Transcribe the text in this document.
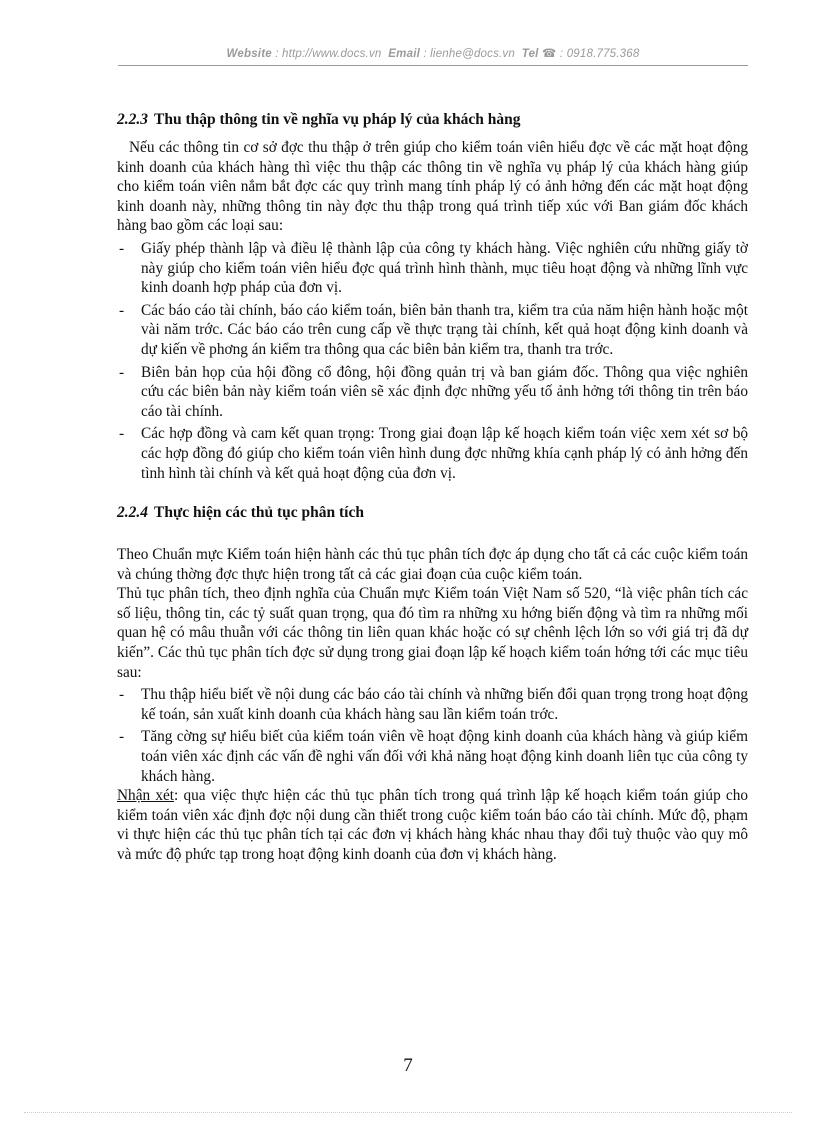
Website : http://www.docs.vn Email : lienhe@docs.vn Tel ☎ : 0918.775.368
2.2.3 Thu thập thông tin về nghĩa vụ pháp lý của khách hàng

Nếu các thông tin cơ sở đợc thu thập ở trên giúp cho kiểm toán viên hiểu đợc về các mặt hoạt động kinh doanh của khách hàng thì việc thu thập các thông tin về nghĩa vụ pháp lý của khách hàng giúp cho kiểm toán viên nắm bắt đợc các quy trình mang tính pháp lý có ảnh hởng đến các mặt hoạt động kinh doanh này, những thông tin này đợc thu thập trong quá trình tiếp xúc với Ban giám đốc khách hàng bao gồm các loại sau:

- Giấy phép thành lập và điều lệ thành lập của công ty khách hàng. Việc nghiên cứu những giấy tờ này giúp cho kiểm toán viên hiểu đợc quá trình hình thành, mục tiêu hoạt động và những lĩnh vực kinh doanh hợp pháp của đơn vị.
- Các báo cáo tài chính, báo cáo kiểm toán, biên bản thanh tra, kiểm tra của năm hiện hành hoặc một vài năm trớc. Các báo cáo trên cung cấp về thực trạng tài chính, kết quả hoạt động kinh doanh và dự kiến về phơng án kiểm tra thông qua các biên bản kiểm tra, thanh tra trớc.
- Biên bản họp của hội đồng cổ đông, hội đồng quản trị và ban giám đốc. Thông qua việc nghiên cứu các biên bản này kiểm toán viên sẽ xác định đợc những yếu tố ảnh hởng tới thông tin trên báo cáo tài chính.
- Các hợp đồng và cam kết quan trọng: Trong giai đoạn lập kế hoạch kiểm toán việc xem xét sơ bộ các hợp đồng đó giúp cho kiểm toán viên hình dung đợc những khía cạnh pháp lý có ảnh hởng đến tình hình tài chính và kết quả hoạt động của đơn vị.
2.2.4 Thực hiện các thủ tục phân tích

Theo Chuẩn mực Kiểm toán hiện hành các thủ tục phân tích đợc áp dụng cho tất cả các cuộc kiểm toán và chúng thờng đợc thực hiện trong tất cả các giai đoạn của cuộc kiểm toán.

Thủ tục phân tích, theo định nghĩa của Chuẩn mực Kiểm toán Việt Nam số 520, “là việc phân tích các số liệu, thông tin, các tỷ suất quan trọng, qua đó tìm ra những xu hớng biến động và tìm ra những mối quan hệ có mâu thuẫn với các thông tin liên quan khác hoặc có sự chênh lệch lớn so với giá trị đã dự kiến”. Các thủ tục phân tích đợc sử dụng trong giai đoạn lập kế hoạch kiểm toán hớng tới các mục tiêu sau:

- Thu thập hiểu biết về nội dung các báo cáo tài chính và những biến đổi quan trọng trong hoạt động kế toán, sản xuất kinh doanh của khách hàng sau lần kiểm toán trớc.
- Tăng cờng sự hiểu biết của kiểm toán viên về hoạt động kinh doanh của khách hàng và giúp kiểm toán viên xác định các vấn đề nghi vấn đối với khả năng hoạt động kinh doanh liên tục của công ty khách hàng.

Nhận xét: qua việc thực hiện các thủ tục phân tích trong quá trình lập kế hoạch kiểm toán giúp cho kiểm toán viên xác định đợc nội dung cần thiết trong cuộc kiểm toán báo cáo tài chính. Mức độ, phạm vi thực hiện các thủ tục phân tích tại các đơn vị khách hàng khác nhau thay đổi tuỳ thuộc vào quy mô và mức độ phức tạp trong hoạt động kinh doanh của đơn vị khách hàng.

7
